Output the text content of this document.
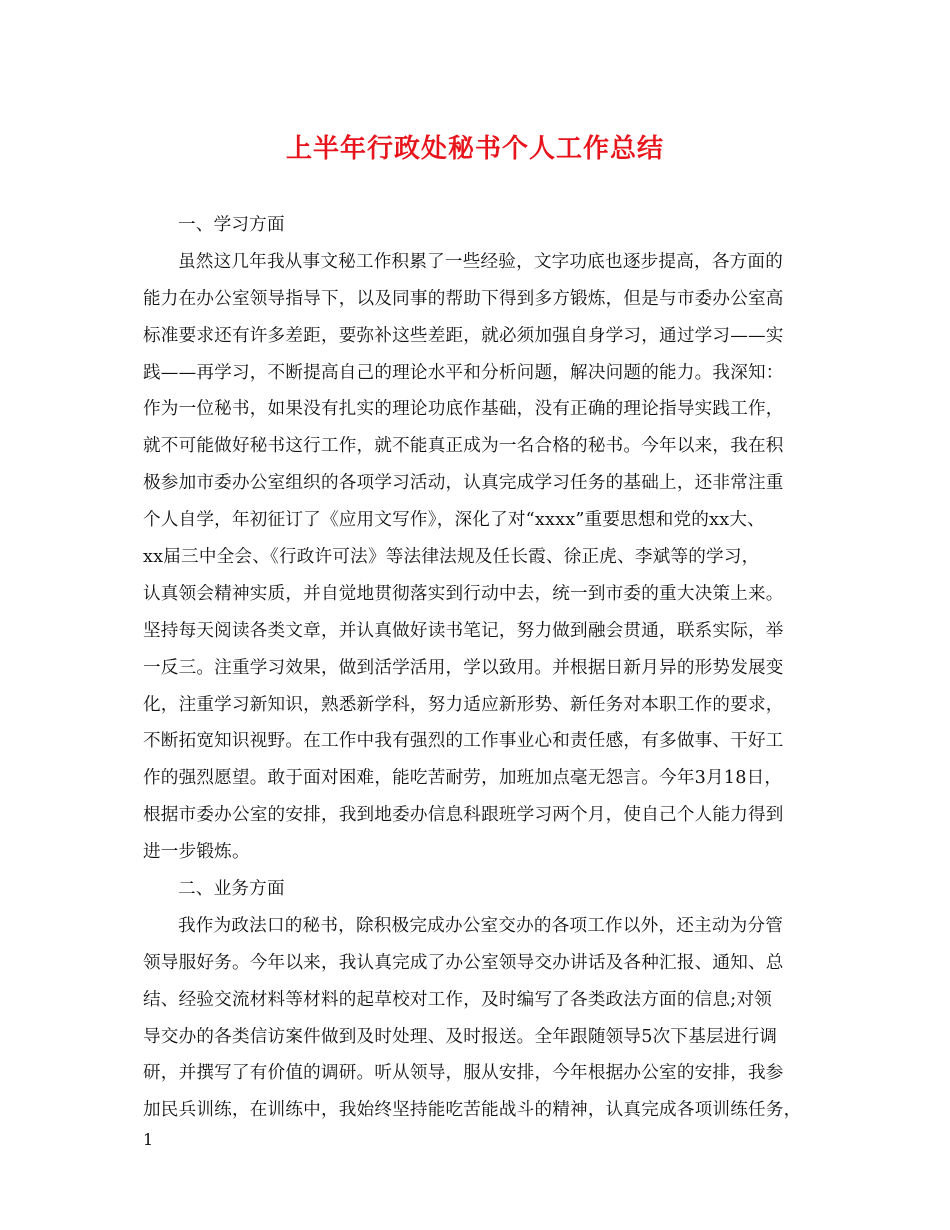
上半年行政处秘书个人工作总结
一、学习方面
虽然这几年我从事文秘工作积累了一些经验，文字功底也逐步提高，各方面的
能力在办公室领导指导下，以及同事的帮助下得到多方锻炼，但是与市委办公室高
标准要求还有许多差距，要弥补这些差距，就必须加强自身学习，通过学习——实
践——再学习，不断提高自己的理论水平和分析问题，解决问题的能力。我深知：
作为一位秘书，如果没有扎实的理论功底作基础，没有正确的理论指导实践工作，
就不可能做好秘书这行工作，就不能真正成为一名合格的秘书。今年以来，我在积
极参加市委办公室组织的各项学习活动，认真完成学习任务的基础上，还非常注重
个人自学，年初征订了《应用文写作》，深化了对“xxxx”重要思想和党的xx大、
xx届三中全会、《行政许可法》等法律法规及任长霞、徐正虎、李斌等的学习，
认真领会精神实质，并自觉地贯彻落实到行动中去，统一到市委的重大决策上来。
坚持每天阅读各类文章，并认真做好读书笔记，努力做到融会贯通，联系实际，举
一反三。注重学习效果，做到活学活用，学以致用。并根据日新月异的形势发展变
化，注重学习新知识，熟悉新学科，努力适应新形势、新任务对本职工作的要求，
不断拓宽知识视野。在工作中我有强烈的工作事业心和责任感，有多做事、干好工
作的强烈愿望。敢于面对困难，能吃苦耐劳，加班加点毫无怨言。今年3月18日，
根据市委办公室的安排，我到地委办信息科跟班学习两个月，使自己个人能力得到
进一步锻炼。
二、业务方面
我作为政法口的秘书，除积极完成办公室交办的各项工作以外，还主动为分管
领导服好务。今年以来，我认真完成了办公室领导交办讲话及各种汇报、通知、总
结、经验交流材料等材料的起草校对工作，及时编写了各类政法方面的信息;对领
导交办的各类信访案件做到及时处理、及时报送。全年跟随领导5次下基层进行调
研，并撰写了有价值的调研。听从领导，服从安排，今年根据办公室的安排，我参
加民兵训练，在训练中，我始终坚持能吃苦能战斗的精神，认真完成各项训练任务，
1
